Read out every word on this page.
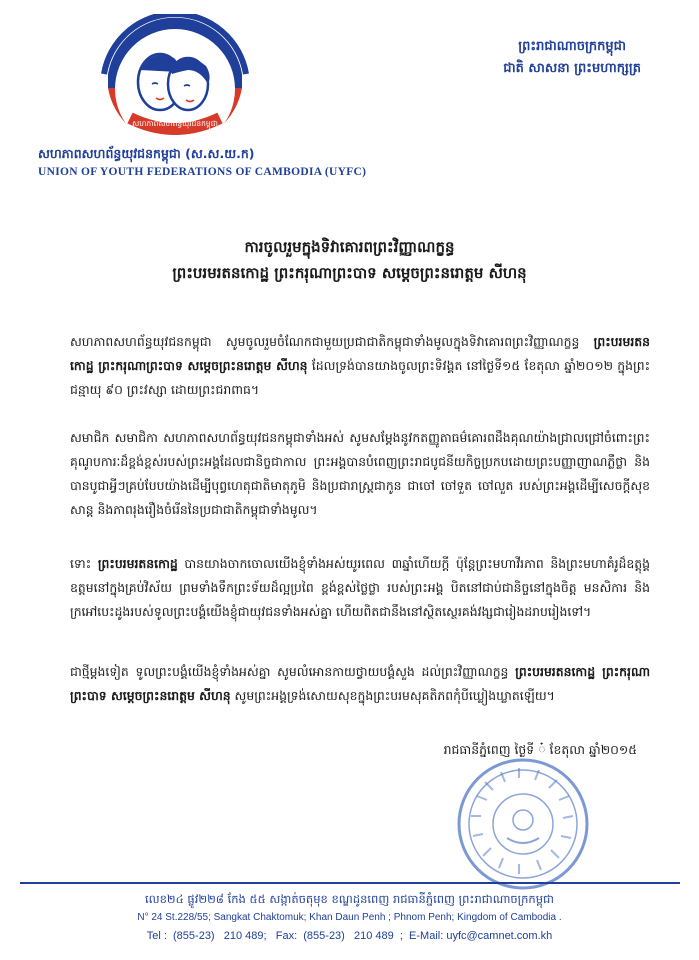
សហភាពសហព័ន្ធយុវជនកម្ពុជា
សហភាពសហព័ន្ធយុវជនកម្ពុជា (ស.ស.យ.ក)
UNION OF YOUTH FEDERATIONS OF CAMBODIA (UYFC)
ព្រះរាជាណាចក្រកម្ពុជា
ជាតិ សាសនា ព្រះមហាក្សត្រ
ការចូលរួមក្នុងទិវាគោរពព្រះវិញ្ញាណក្ខន្ធ
ព្រះបរមរតនកោដ្ឋ ព្រះករុណាព្រះបាទ សម្តេចព្រះនរោត្តម សីហនុ

សហភាពសហព័ន្ធយុវជនកម្ពុជា សូមចូលរួមចំណែកជាមួយប្រជាជាតិកម្ពុជាទាំងមូលក្នុងទិវាគោរពព្រះវិញ្ញាណក្ខន្ធ ព្រះបរមរតនកោដ្ឋ ព្រះករុណាព្រះបាទ សម្តេចព្រះនរោត្តម សីហនុ ដែលទ្រង់បានយាងចូលព្រះទិវង្គត នៅថ្ងៃទី១៥ ខែតុលា ឆ្នាំ២០១២ ក្នុងព្រះជន្មាយុ ៩០ ព្រះវស្សា ដោយព្រះជរាពាធ។

សមាជិក សមាជិកា សហភាពសហព័ន្ធយុវជនកម្ពុជាទាំងអស់ សូមសម្តែងនូវកតញ្ញូតាធម៌គោរពដឹងគុណយ៉ាងជ្រាលជ្រៅចំពោះព្រះគុណូបការៈដ៏ខ្ពង់ខ្ពស់របស់ព្រះអង្គដែលជានិច្ចជាកាល ព្រះអង្គបានបំពេញព្រះរាជបូជនីយកិច្ចប្រកបដោយព្រះបញ្ញាញាណភ្លឺថ្លា និងបានបូជាអ្វីៗគ្រប់បែបយ៉ាងដើម្បីបុព្វហេតុជាតិមាតុភូមិ និងប្រជារាស្ត្រជាកូន ជាចៅ ចៅទួត ចៅលួត របស់ព្រះអង្គដើម្បីសេចក្តីសុខសាន្ត និងភាពរុងរឿងចំរើននៃប្រជាជាតិកម្ពុជាទាំងមូល។

ទោះ ព្រះបរមរតនកោដ្ឋ បានយាងចាកចោលយើងខ្ញុំទាំងអស់យូរពេល ៣ឆ្នាំហើយក្តី ប៉ុន្តែព្រះមហាវីរភាព និងព្រះមហាគំរូដ៏ឧត្តុង្គឧត្តមនៅក្នុងគ្រប់វិស័យ ព្រមទាំងទឹកព្រះទ័យដ៏ល្អប្រពៃ ខ្ពង់ខ្ពស់ថ្លៃថ្លា របស់ព្រះអង្គ បិតនៅជាប់ជានិច្ចនៅក្នុងចិត្ត មនសិការ និងក្រអៅបេះដូងរបស់ទូលព្រះបង្គំយើងខ្ញុំជាយុវជនទាំងអស់គ្នា ហើយពិតជានឹងនៅស្ថិតស្ថេរគង់វង្សជារៀងដរាបរៀងទៅ។

ជាថ្មីម្តងទៀត ទូលព្រះបង្គំយើងខ្ញុំទាំងអស់គ្នា សូមលំអោនកាយថ្វាយបង្គំសួង ដល់ព្រះវិញ្ញាណក្ខន្ធ ព្រះបរមរតនកោដ្ឋ ព្រះករុណាព្រះបាទ សម្តេចព្រះនរោត្តម សីហនុ សូមព្រះអង្គទ្រង់សោយសុខក្នុងព្រះបរមសុគតិភពកុំបីឃ្លៀងឃ្លាតឡើយ។

រាជធានីភ្នំពេញ ថ្ងៃទី ៎ ខែតុលា ឆ្នាំ២០១៥
លេខ២៤ ផ្លូវ២២៨ កែង ៥៥ សង្កាត់ចតុមុខ ខណ្ឌដូនពេញ រាជធានីភ្នំពេញ ព្រះរាជាណាចក្រកម្ពុជា
N° 24 St.228/55; Sangkat Chaktomuk; Khan Daun Penh ; Phnom Penh; Kingdom of Cambodia .
Tel :  (855-23)   210 489;   Fax:  (855-23)   210 489  ;  E-Mail: uyfc@camnet.com.kh
